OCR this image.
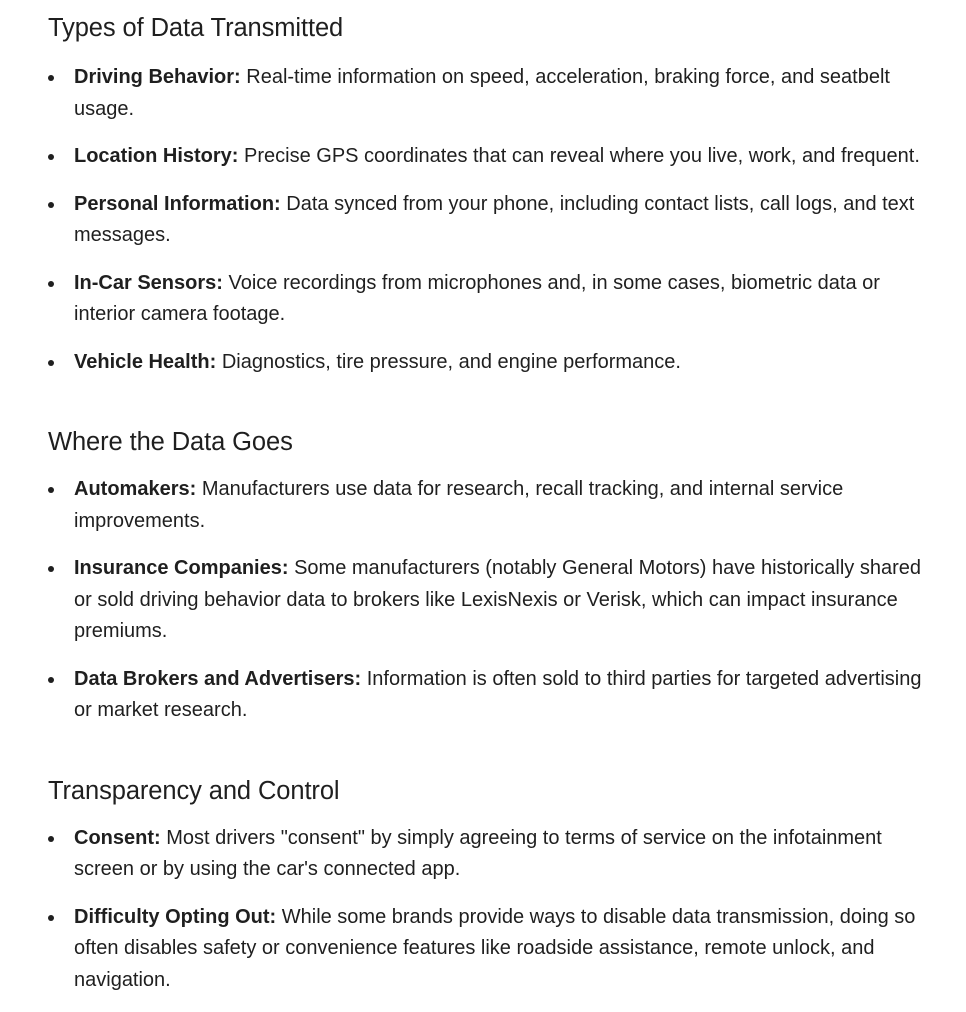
Types of Data Transmitted
Driving Behavior: Real-time information on speed, acceleration, braking force, and seatbelt usage.
Location History: Precise GPS coordinates that can reveal where you live, work, and frequent.
Personal Information: Data synced from your phone, including contact lists, call logs, and text messages.
In-Car Sensors: Voice recordings from microphones and, in some cases, biometric data or interior camera footage.
Vehicle Health: Diagnostics, tire pressure, and engine performance.
Where the Data Goes
Automakers: Manufacturers use data for research, recall tracking, and internal service improvements.
Insurance Companies: Some manufacturers (notably General Motors) have historically shared or sold driving behavior data to brokers like LexisNexis or Verisk, which can impact insurance premiums.
Data Brokers and Advertisers: Information is often sold to third parties for targeted advertising or market research.
Transparency and Control
Consent: Most drivers "consent" by simply agreeing to terms of service on the infotainment screen or by using the car's connected app.
Difficulty Opting Out: While some brands provide ways to disable data transmission, doing so often disables safety or convenience features like roadside assistance, remote unlock, and navigation.
